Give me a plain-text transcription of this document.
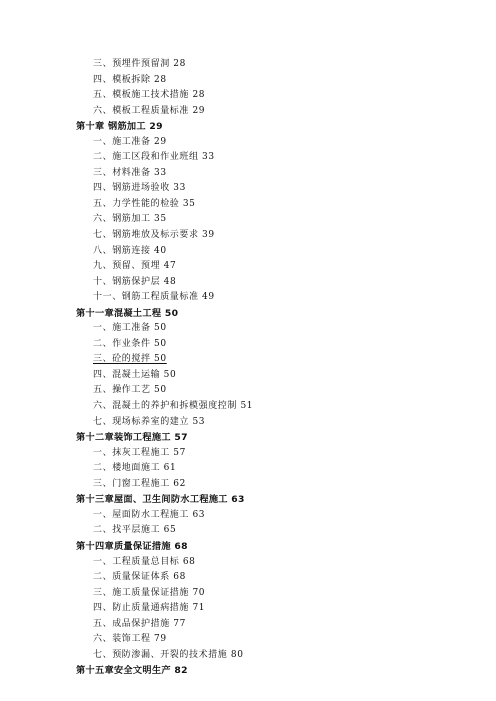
三、预埋件预留洞 28
四、模板拆除 28
五、模板施工技术措施 28
六、模板工程质量标准 29
第十章 钢筋加工 29
一、施工准备 29
二、施工区段和作业班组 33
三、材料准备 33
四、钢筋进场验收 33
五、力学性能的检验 35
六、钢筋加工 35
七、钢筋堆放及标示要求 39
八、钢筋连接 40
九、预留、预埋 47
十、钢筋保护层 48
十一、钢筋工程质量标准 49
第十一章混凝土工程 50
一、施工准备 50
二、作业条件 50
三、砼的搅拌 50
四、混凝土运输 50
五、操作工艺 50
六、混凝土的养护和拆模强度控制 51
七、现场标养室的建立 53
第十二章装饰工程施工 57
一、抹灰工程施工 57
二、楼地面施工 61
三、门窗工程施工 62
第十三章屋面、卫生间防水工程施工 63
一、屋面防水工程施工 63
二、找平层施工 65
第十四章质量保证措施 68
一、工程质量总目标 68
二、质量保证体系 68
三、施工质量保证措施 70
四、防止质量通病措施 71
五、成品保护措施 77
六、装饰工程 79
七、预防渗漏、开裂的技术措施 80
第十五章安全文明生产 82
